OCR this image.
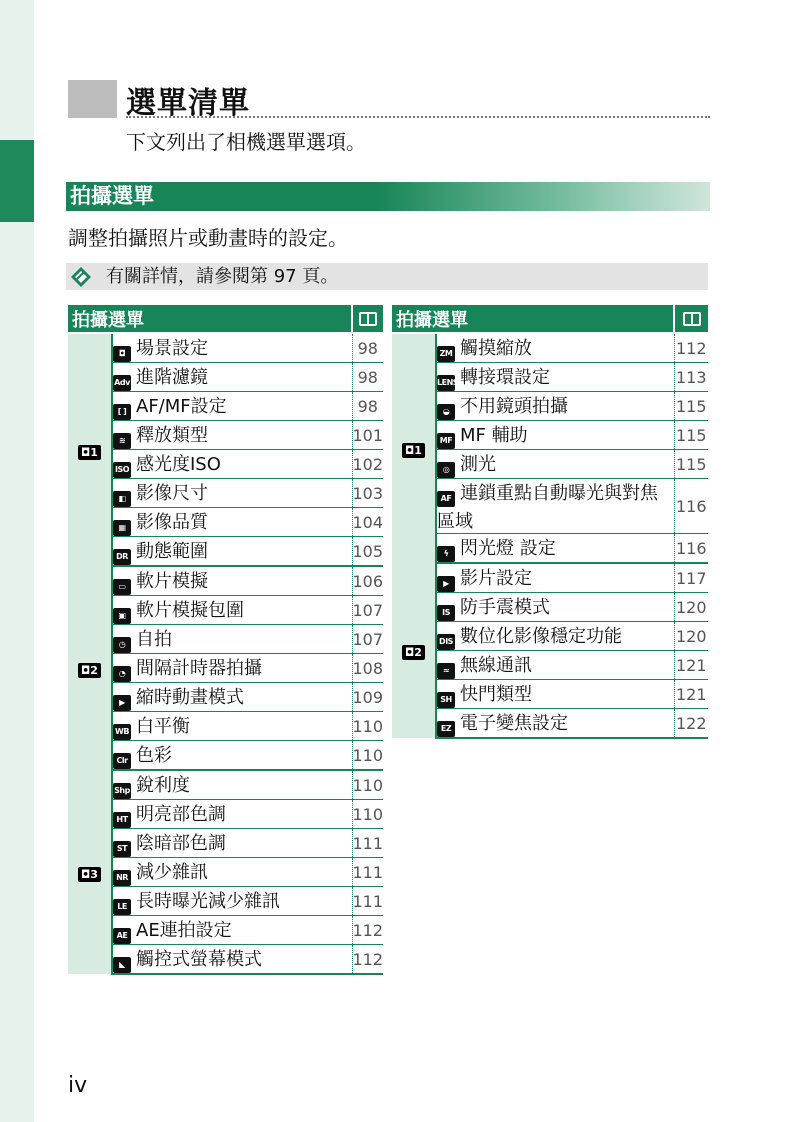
選單清單
下文列出了相機選單選項。
拍攝選單
調整拍攝照片或動畫時的設定。
有關詳情，請參閱第 97 頁。
拍攝選單		
◘1	◘ 場景設定	98
	Adv 進階濾鏡	98
	[ ] AF/MF設定	98
	≋ 釋放類型	101
	ISO 感光度ISO	102
	◧ 影像尺寸	103
	▦ 影像品質	104
	DR 動態範圍	105
◘2	▭ 軟片模擬	106
	▣ 軟片模擬包圍	107
	◷ 自拍	107
	◔ 間隔計時器拍攝	108
	▶ 縮時動畫模式	109
	WB 白平衡	110
	Clr 色彩	110
◘3	Shp 銳利度	110
	HT 明亮部色調	110
	ST 陰暗部色調	111
	NR 減少雜訊	111
	LE 長時曝光減少雜訊	111
	AE AE連拍設定	112
	◣ 觸控式螢幕模式	112
拍攝選單		
◘1	ZM 觸摸縮放	112
	LENS 轉接環設定	113
	◒ 不用鏡頭拍攝	115
	MF MF 輔助	115
	◎ 測光	115
	AF 連鎖重點自動曝光與對焦區域	116
	ϟ 閃光燈 設定	116
◘2	▶ 影片設定	117
	IS 防手震模式	120
	DIS 數位化影像穩定功能	120
	≈ 無線通訊	121
	SH 快門類型	121
	EZ 電子變焦設定	122
iv
